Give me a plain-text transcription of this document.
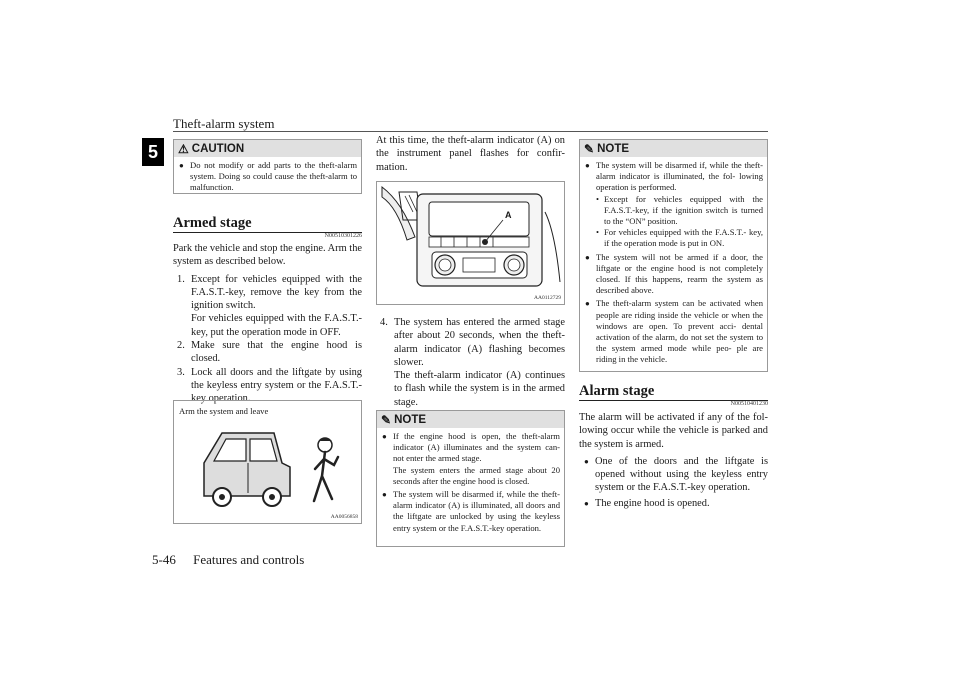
Theft-alarm system
5
5-46 Features and controls
⚠ CAUTION
● Do not modify or add parts to the theft-alarm system. Doing so could cause the theft-alarm to malfunction.
Armed stage
N00510301226
Park the vehicle and stop the engine. Arm the system as described below.
1. Except for vehicles equipped with the F.A.S.T.-key, remove the key from the ignition switch.
For vehicles equipped with the F.A.S.T.-key, put the operation mode in OFF.
2. Make sure that the engine hood is closed.
3. Lock all doors and the liftgate by using the keyless entry system or the F.A.S.T.-key operation.
Arm the system and leave
AA0056858
At this time, the theft-alarm indicator (A) on the instrument panel flashes for confir- mation.
A
AA0112729
4. The system has entered the armed stage after about 20 seconds, when the theft- alarm indicator (A) flashing becomes slower.
The theft-alarm indicator (A) continues to flash while the system is in the armed stage.
✎ NOTE
● If the engine hood is open, the theft-alarm indicator (A) illuminates and the system can- not enter the armed stage.
The system enters the armed stage about 20 seconds after the engine hood is closed.
● The system will be disarmed if, while the theft-alarm indicator (A) is illuminated, all doors and the liftgate are unlocked by using the keyless entry system or the F.A.S.T.-key operation.
✎ NOTE
● The system will be disarmed if, while the theft-alarm indicator is illuminated, the fol- lowing operation is performed.
• Except for vehicles equipped with the F.A.S.T.-key, if the ignition switch is turned to the “ON” position.
• For vehicles equipped with the F.A.S.T.- key, if the operation mode is put in ON.
● The system will not be armed if a door, the liftgate or the engine hood is not completely closed. If this happens, rearm the system as described above.
● The theft-alarm system can be activated when people are riding inside the vehicle or when the windows are open. To prevent acci- dental activation of the alarm, do not set the system to the system armed mode while peo- ple are riding in the vehicle.
Alarm stage
N00510401230
The alarm will be activated if any of the fol- lowing occur while the vehicle is parked and the system is armed.
● One of the doors and the liftgate is opened without using the keyless entry system or the F.A.S.T.-key operation.
● The engine hood is opened.
